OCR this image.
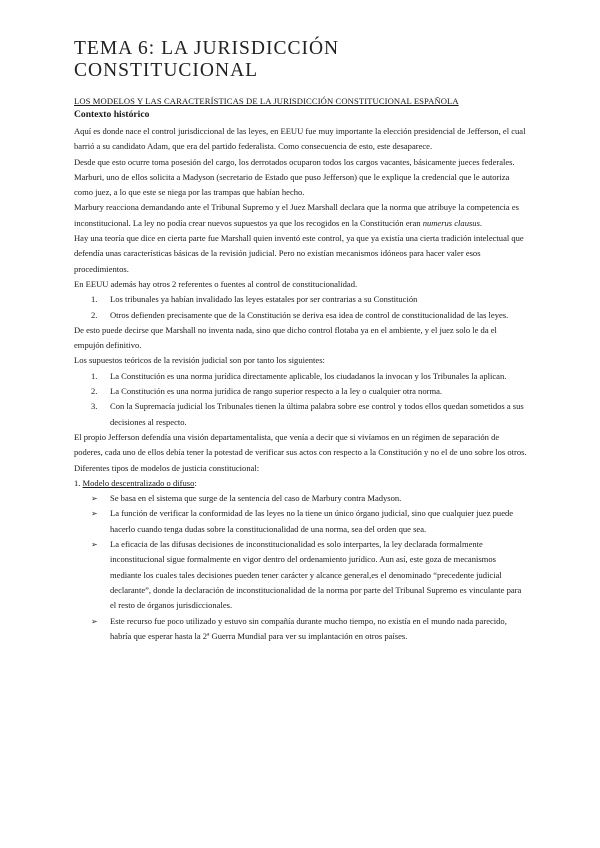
TEMA 6: LA JURISDICCIÓN CONSTITUCIONAL
LOS MODELOS Y LAS CARACTERÍSTICAS DE LA JURISDICCIÓN CONSTITUCIONAL ESPAÑOLA
Contexto histórico

Aquí es donde nace el control jurisdiccional de las leyes, en EEUU fue muy importante la elección presidencial de Jefferson, el cual barrió a su candidato Adam, que era del partido federalista. Como consecuencia de esto, este desaparece.

Desde que esto ocurre toma posesión del cargo, los derrotados ocuparon todos los cargos vacantes, básicamente jueces federales.

Marburi, uno de ellos solicita a Madyson (secretario de Estado que puso Jefferson) que le explique la credencial que le autoriza como juez, a lo que este se niega por las trampas que habían hecho.

Marbury reacciona demandando ante el Tribunal Supremo y el Juez Marshall declara que la norma que atribuye la competencia es inconstitucional. La ley no podía crear nuevos supuestos ya que los recogidos en la Constitución eran numerus clausus.

Hay una teoría que dice en cierta parte fue Marshall quien inventó este control, ya que ya existía una cierta tradición intelectual que defendía unas características básicas de la revisión judicial. Pero no existían mecanismos idóneos para hacer valer esos procedimientos.

En EEUU además hay otros 2 referentes o fuentes al control de constitucionalidad.

1. Los tribunales ya habían invalidado las leyes estatales por ser contrarias a su Constitución
2. Otros defienden precisamente que de la Constitución se deriva esa idea de control de constitucionalidad de las leyes.

De esto puede decirse que Marshall no inventa nada, sino que dicho control flotaba ya en el ambiente, y el juez solo le da el empujón definitivo.

Los supuestos teóricos de la revisión judicial son por tanto los siguientes:

1. La Constitución es una norma jurídica directamente aplicable, los ciudadanos la invocan y los Tribunales la aplican.
2. La Constitución es una norma jurídica de rango superior respecto a la ley o cualquier otra norma.
3. Con la Supremacía judicial los Tribunales tienen la última palabra sobre ese control y todos ellos quedan sometidos a sus decisiones al respecto.

El propio Jefferson defendía una visión departamentalista, que venía a decir que si vivíamos en un régimen de separación de poderes, cada uno de ellos debía tener la potestad de verificar sus actos con respecto a la Constitución y no el de uno sobre los otros.

Diferentes tipos de modelos de justicia constitucional:

1. Modelo descentralizado o difuso:
➢ Se basa en el sistema que surge de la sentencia del caso de Marbury contra Madyson.
➢ La función de verificar la conformidad de las leyes no la tiene un único órgano judicial, sino que cualquier juez puede hacerlo cuando tenga dudas sobre la constitucionalidad de una norma, sea del orden que sea.
➢ La eficacia de las difusas decisiones de inconstitucionalidad es solo interpartes, la ley declarada formalmente inconstitucional sigue formalmente en vigor dentro del ordenamiento jurídico. Aun así, este goza de mecanismos mediante los cuales tales decisiones pueden tener carácter y alcance general,es el denominado “precedente judicial declarante”, donde la declaración de inconstitucionalidad de la norma por parte del Tribunal Supremo es vinculante para el resto de órganos jurisdiccionales.
➢ Este recurso fue poco utilizado y estuvo sin compañía durante mucho tiempo, no existía en el mundo nada parecido, habría que esperar hasta la 2ª Guerra Mundial para ver su implantación en otros países.
